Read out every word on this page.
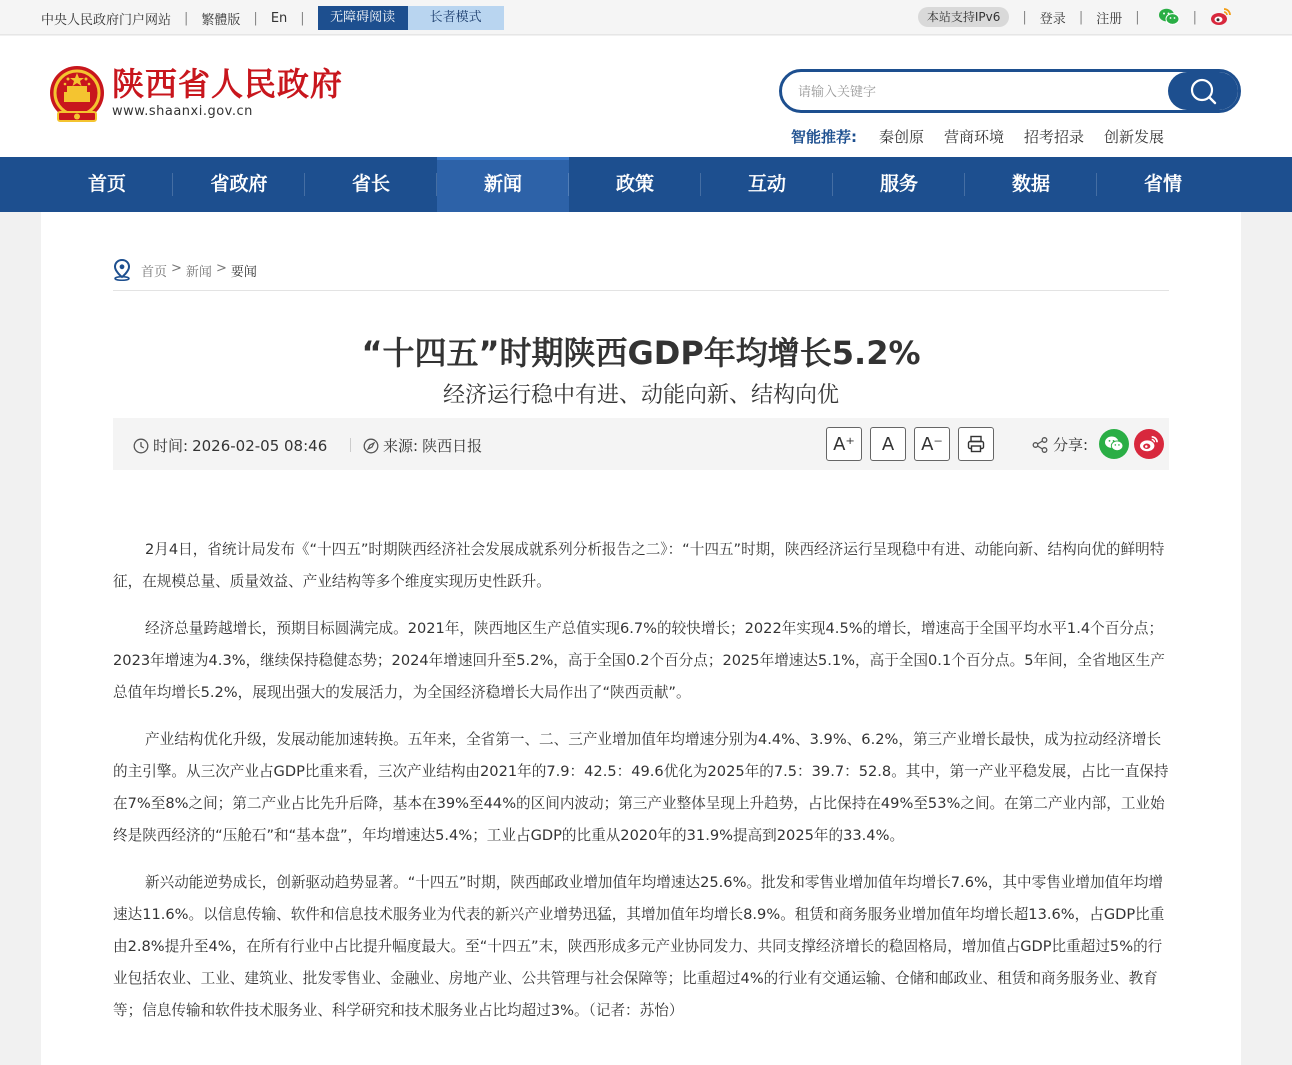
中央人民政府门户网站 | 繁體版 | En |	无障碍阅读	长者模式	本站支持IPv6	| 登录 | 注册 |	|
陕西省人民政府
www.shaanxi.gov.cn
请输入关键字
智能推荐: 秦创原 营商环境 招考招录 创新发展
首页	省政府	省长	新闻	政策	互动	服务	数据	省情
首页 > 新闻 > 要闻
“十四五”时期陕西GDP年均增长5.2%
经济运行稳中有进、动能向新、结构向优
时间: 2026-02-05 08:46	来源: 陕西日报	A⁺	A	A⁻	分享:

2月4日，省统计局发布《“十四五”时期陕西经济社会发展成就系列分析报告之二》：“十四五”时期，陕西经济运行呈现稳中有进、动能向新、结构向优的鲜明特征，在规模总量、质量效益、产业结构等多个维度实现历史性跃升。

经济总量跨越增长，预期目标圆满完成。2021年，陕西地区生产总值实现6.7%的较快增长；2022年实现4.5%的增长，增速高于全国平均水平1.4个百分点；2023年增速为4.3%，继续保持稳健态势；2024年增速回升至5.2%，高于全国0.2个百分点；2025年增速达5.1%，高于全国0.1个百分点。5年间，全省地区生产总值年均增长5.2%，展现出强大的发展活力，为全国经济稳增长大局作出了“陕西贡献”。

产业结构优化升级，发展动能加速转换。五年来，全省第一、二、三产业增加值年均增速分别为4.4%、3.9%、6.2%，第三产业增长最快，成为拉动经济增长的主引擎。从三次产业占GDP比重来看，三次产业结构由2021年的7.9：42.5：49.6优化为2025年的7.5：39.7：52.8。其中，第一产业平稳发展，占比一直保持在7%至8%之间；第二产业占比先升后降，基本在39%至44%的区间内波动；第三产业整体呈现上升趋势，占比保持在49%至53%之间。在第二产业内部，工业始终是陕西经济的“压舱石”和“基本盘”，年均增速达5.4%；工业占GDP的比重从2020年的31.9%提高到2025年的33.4%。

新兴动能逆势成长，创新驱动趋势显著。“十四五”时期，陕西邮政业增加值年均增速达25.6%。批发和零售业增加值年均增长7.6%，其中零售业增加值年均增速达11.6%。以信息传输、软件和信息技术服务业为代表的新兴产业增势迅猛，其增加值年均增长8.9%。租赁和商务服务业增加值年均增长超13.6%，占GDP比重由2.8%提升至4%，在所有行业中占比提升幅度最大。至“十四五”末，陕西形成多元产业协同发力、共同支撑经济增长的稳固格局，增加值占GDP比重超过5%的行业包括农业、工业、建筑业、批发零售业、金融业、房地产业、公共管理与社会保障等；比重超过4%的行业有交通运输、仓储和邮政业、租赁和商务服务业、教育等；信息传输和软件技术服务业、科学研究和技术服务业占比均超过3%。（记者：苏怡）
